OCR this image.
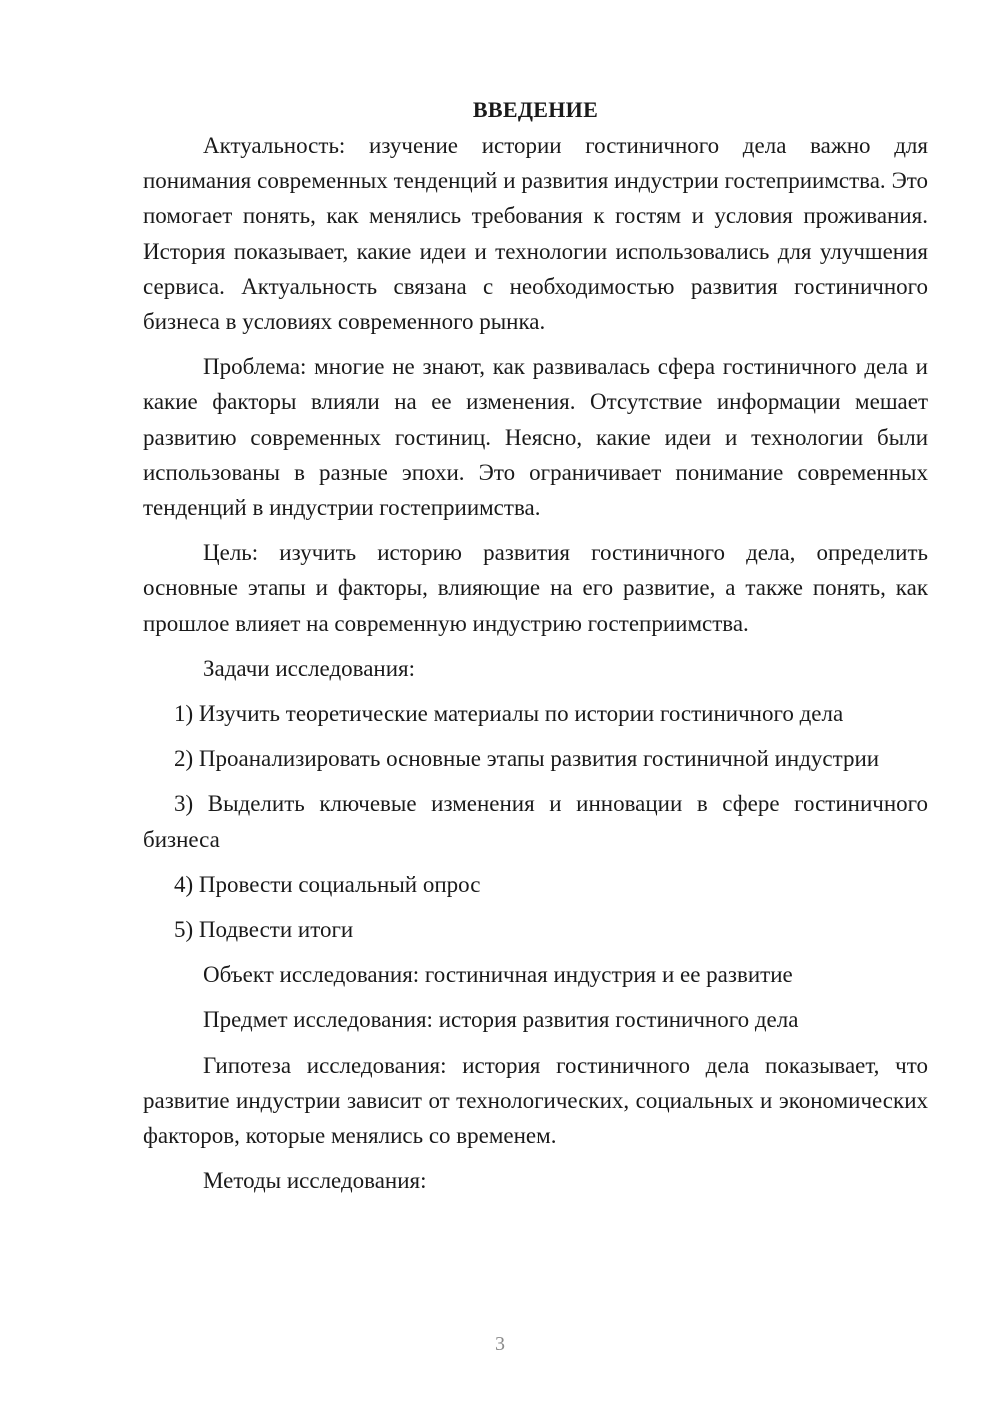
ВВЕДЕНИЕ

Актуальность: изучение истории гостиничного дела важно для понимания современных тенденций и развития индустрии гостеприимства. Это помогает понять, как менялись требования к гостям и условия проживания. История показывает, какие идеи и технологии использовались для улучшения сервиса. Актуальность связана с необходимостью развития гостиничного бизнеса в условиях современного рынка.

Проблема: многие не знают, как развивалась сфера гостиничного дела и какие факторы влияли на ее изменения. Отсутствие информации мешает развитию современных гостиниц. Неясно, какие идеи и технологии были использованы в разные эпохи. Это ограничивает понимание современных тенденций в индустрии гостеприимства.

Цель: изучить историю развития гостиничного дела, определить основные этапы и факторы, влияющие на его развитие, а также понять, как прошлое влияет на современную индустрию гостеприимства.

Задачи исследования:

1) Изучить теоретические материалы по истории гостиничного дела

2) Проанализировать основные этапы развития гостиничной индустрии

3) Выделить ключевые изменения и инновации в сфере гостиничного бизнеса

4) Провести социальный опрос

5) Подвести итоги

Объект исследования: гостиничная индустрия и ее развитие

Предмет исследования: история развития гостиничного дела

Гипотеза исследования: история гостиничного дела показывает, что развитие индустрии зависит от технологических, социальных и экономических факторов, которые менялись со временем.

Методы исследования:

3
